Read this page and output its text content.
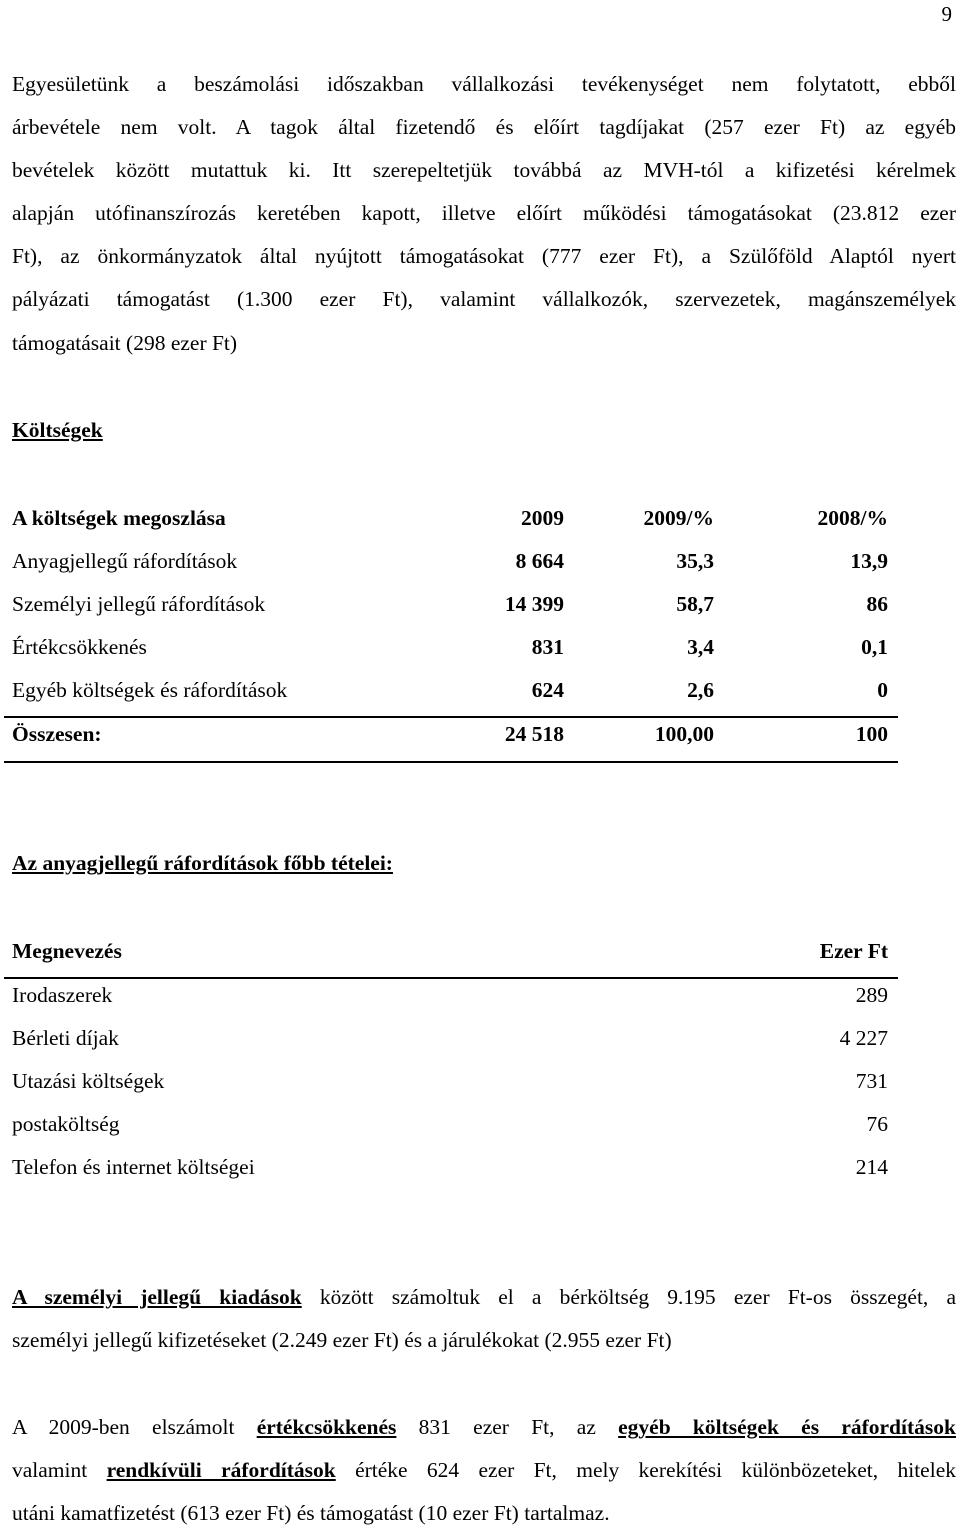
9
Egyesületünk a beszámolási időszakban vállalkozási tevékenységet nem folytatott, ebből
árbevétele nem volt. A tagok által fizetendő és előírt tagdíjakat (257 ezer Ft) az egyéb
bevételek között mutattuk ki. Itt szerepeltetjük továbbá az MVH-tól a kifizetési kérelmek
alapján utófinanszírozás keretében kapott, illetve előírt működési támogatásokat (23.812 ezer
Ft), az önkormányzatok által nyújtott támogatásokat (777 ezer Ft), a Szülőföld Alaptól nyert
pályázati támogatást (1.300 ezer Ft), valamint vállalkozók, szervezetek, magánszemélyek
támogatásait (298 ezer Ft)
Költségek
A költségek megoszlása	2009	2009/%	2008/%
Anyagjellegű ráfordítások	8 664	35,3	13,9
Személyi jellegű ráfordítások	14 399	58,7	86
Értékcsökkenés	831	3,4	0,1
Egyéb költségek és ráfordítások	624	2,6	0
Összesen:	24 518	100,00	100
Az anyagjellegű ráfordítások főbb tételei:
Megnevezés	Ezer Ft
Irodaszerek	289
Bérleti díjak	4 227
Utazási költségek	731
postaköltség	76
Telefon és internet költségei	214
A személyi jellegű kiadások között számoltuk el a bérköltség 9.195 ezer Ft-os összegét, a
személyi jellegű kifizetéseket (2.249 ezer Ft) és a járulékokat (2.955 ezer Ft)
A 2009-ben elszámolt értékcsökkenés 831 ezer Ft, az egyéb költségek és ráfordítások
valamint rendkívüli ráfordítások értéke 624 ezer Ft, mely kerekítési különbözeteket, hitelek
utáni kamatfizetést (613 ezer Ft) és támogatást (10 ezer Ft) tartalmaz.
